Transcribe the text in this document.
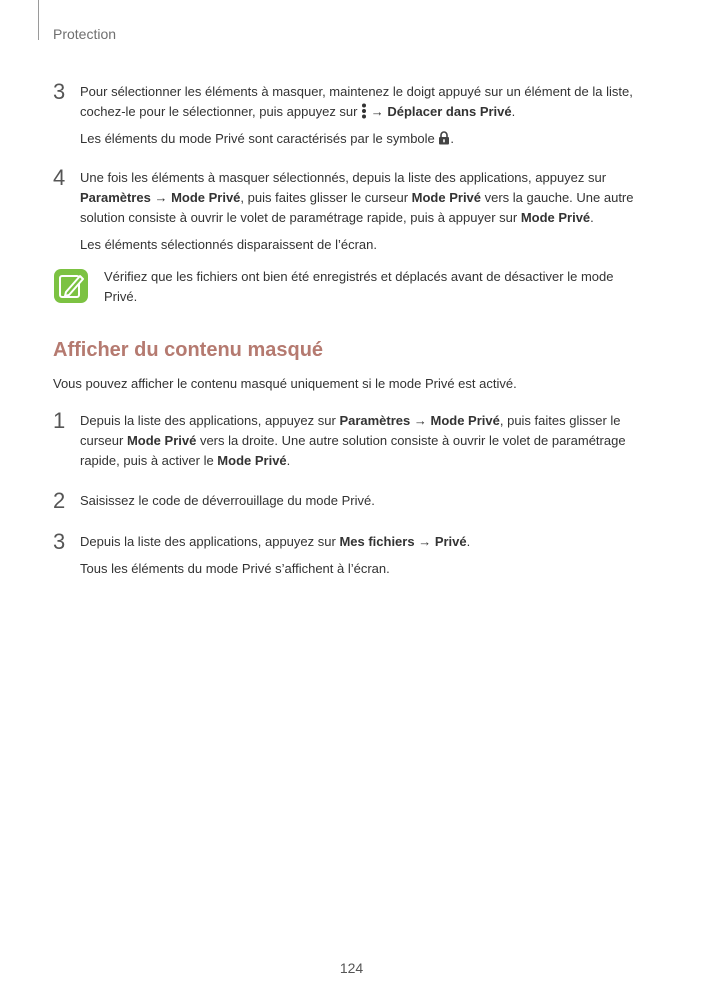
Protection
3 Pour sélectionner les éléments à masquer, maintenez le doigt appuyé sur un élément de la liste, cochez-le pour le sélectionner, puis appuyez sur  → Déplacer dans Privé.

Les éléments du mode Privé sont caractérisés par le symbole .

4 Une fois les éléments à masquer sélectionnés, depuis la liste des applications, appuyez sur Paramètres → Mode Privé, puis faites glisser le curseur Mode Privé vers la gauche. Une autre solution consiste à ouvrir le volet de paramétrage rapide, puis à appuyer sur Mode Privé.

Les éléments sélectionnés disparaissent de l’écran.

Vérifiez que les fichiers ont bien été enregistrés et déplacés avant de désactiver le mode Privé.
Afficher du contenu masqué
Vous pouvez afficher le contenu masqué uniquement si le mode Privé est activé.
1 Depuis la liste des applications, appuyez sur Paramètres → Mode Privé, puis faites glisser le curseur Mode Privé vers la droite. Une autre solution consiste à ouvrir le volet de paramétrage rapide, puis à activer le Mode Privé.

2 Saisissez le code de déverrouillage du mode Privé.

3 Depuis la liste des applications, appuyez sur Mes fichiers → Privé.

Tous les éléments du mode Privé s’affichent à l’écran.

124
